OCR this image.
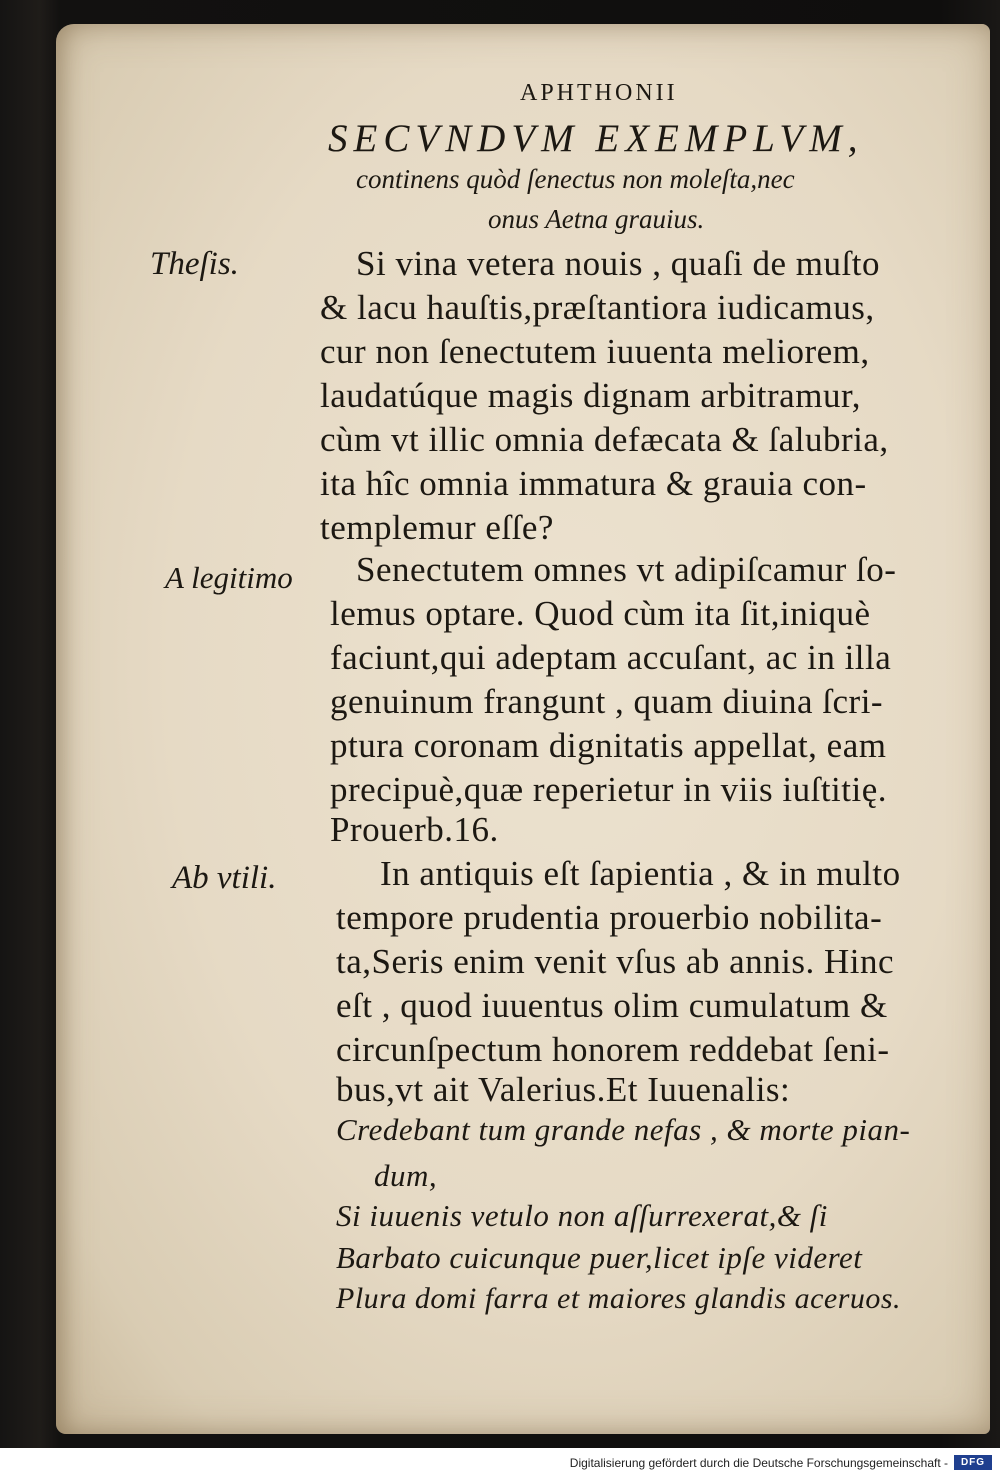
APHTHONII
SECVNDVM EXEMPLVM,
continens quòd ſenectus non moleſta,nec
onus Aetna grauius.
Theſis.
A legitimo
Ab vtili.
Si vina vetera nouis , quaſi de muſto
& lacu hauſtis,præſtantiora iudicamus,
cur non ſenectutem iuuenta meliorem,
laudatúque magis dignam arbitramur,
cùm vt illic omnia defæcata & ſalubria,
ita hîc omnia immatura & grauia con-
templemur eſſe?
Senectutem omnes vt adipiſcamur ſo-
lemus optare. Quod cùm ita ſit,iniquè
faciunt,qui adeptam accuſant, ac in illa
genuinum frangunt , quam diuina ſcri-
ptura coronam dignitatis appellat, eam
precipuè,quæ reperietur in viis iuſtitię.
Prouerb.16.
In antiquis eſt ſapientia , & in multo
tempore prudentia prouerbio nobilita-
ta,Seris enim venit vſus ab annis. Hinc
eſt , quod iuuentus olim cumulatum &
circunſpectum honorem reddebat ſeni-
bus,vt ait Valerius.Et Iuuenalis:
Credebant tum grande nefas , & morte pian-
dum,
Si iuuenis vetulo non aſſurrexerat,& ſi
Barbato cuicunque puer,licet ipſe videret
Plura domi farra et maiores glandis aceruos.
Digitalisierung gefördert durch die Deutsche Forschungsgemeinschaft -	DFG
